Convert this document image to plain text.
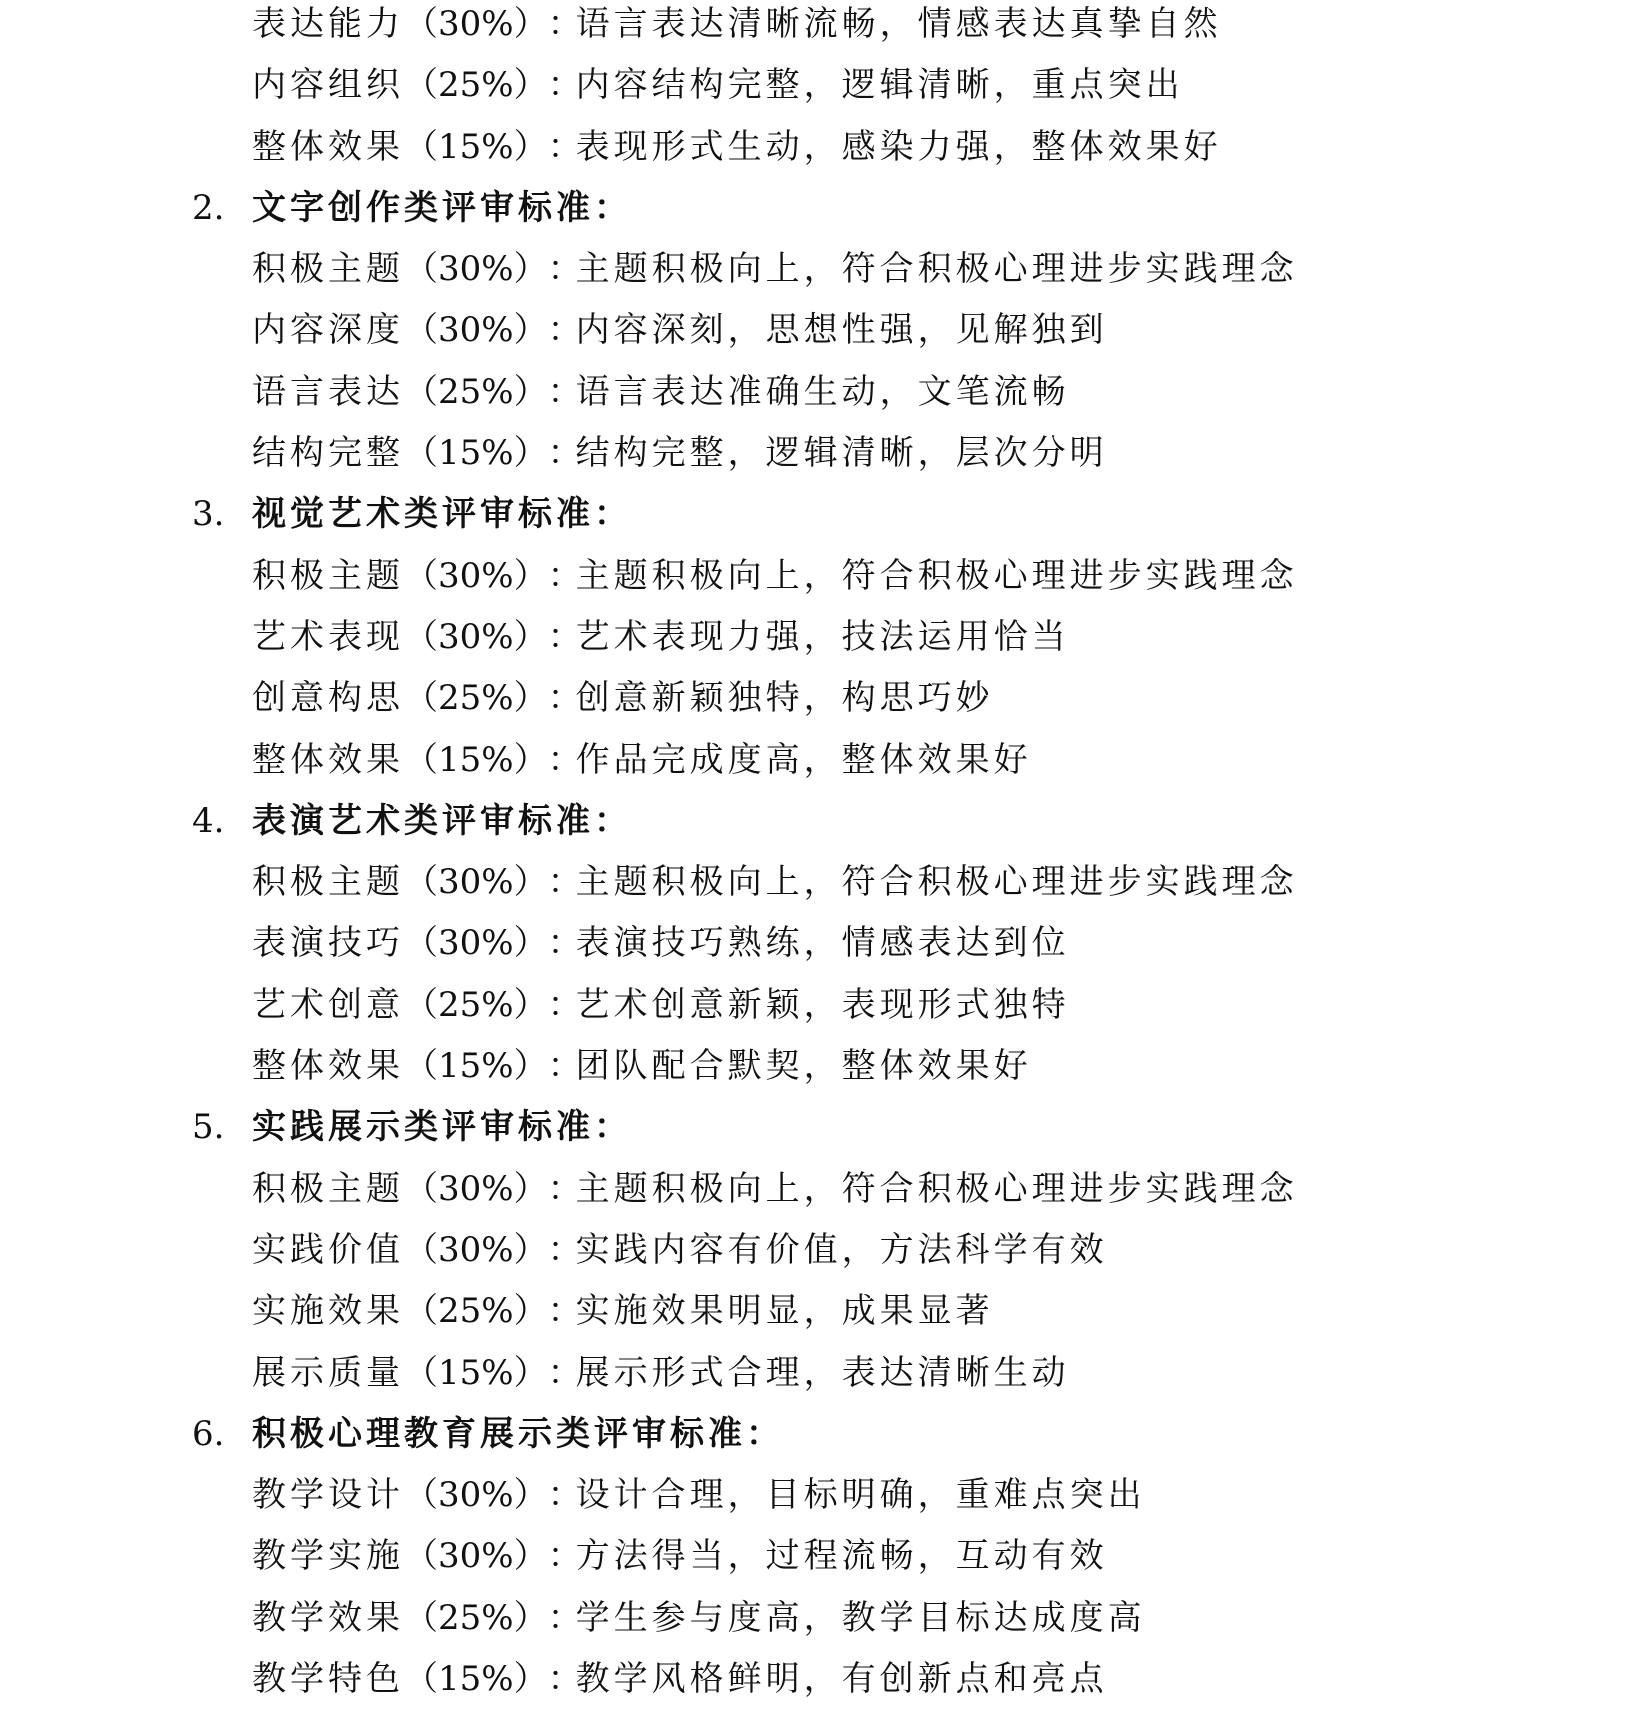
表达能力（30%）：语言表达清晰流畅，情感表达真挚自然
内容组织（25%）：内容结构完整，逻辑清晰，重点突出
整体效果（15%）：表现形式生动，感染力强，整体效果好
2. 文字创作类评审标准：
积极主题（30%）：主题积极向上，符合积极心理进步实践理念
内容深度（30%）：内容深刻，思想性强，见解独到
语言表达（25%）：语言表达准确生动，文笔流畅
结构完整（15%）：结构完整，逻辑清晰，层次分明
3. 视觉艺术类评审标准：
积极主题（30%）：主题积极向上，符合积极心理进步实践理念
艺术表现（30%）：艺术表现力强，技法运用恰当
创意构思（25%）：创意新颖独特，构思巧妙
整体效果（15%）：作品完成度高，整体效果好
4. 表演艺术类评审标准：
积极主题（30%）：主题积极向上，符合积极心理进步实践理念
表演技巧（30%）：表演技巧熟练，情感表达到位
艺术创意（25%）：艺术创意新颖，表现形式独特
整体效果（15%）：团队配合默契，整体效果好
5. 实践展示类评审标准：
积极主题（30%）：主题积极向上，符合积极心理进步实践理念
实践价值（30%）：实践内容有价值，方法科学有效
实施效果（25%）：实施效果明显，成果显著
展示质量（15%）：展示形式合理，表达清晰生动
6. 积极心理教育展示类评审标准：
教学设计（30%）：设计合理，目标明确，重难点突出
教学实施（30%）：方法得当，过程流畅，互动有效
教学效果（25%）：学生参与度高，教学目标达成度高
教学特色（15%）：教学风格鲜明，有创新点和亮点
